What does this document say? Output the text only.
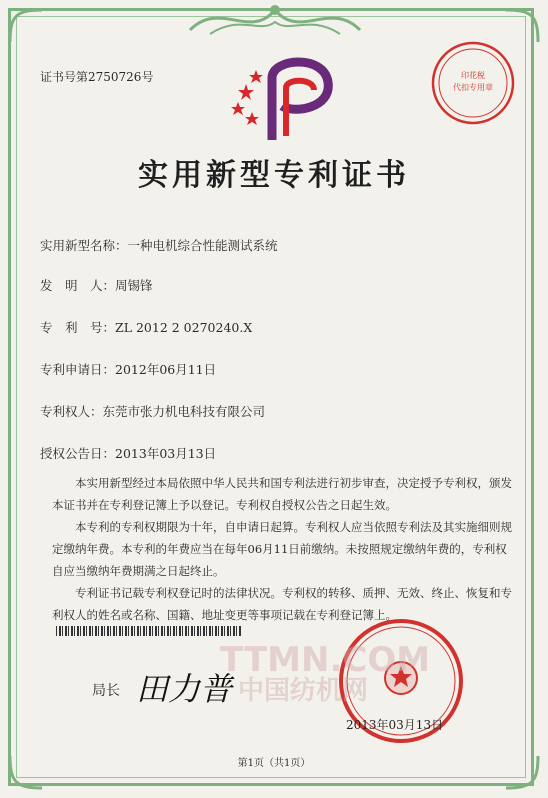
印花税
代扣专用章
证书号第2750726号
实用新型专利证书
实用新型名称：一种电机综合性能测试系统
发　明　人：周锡锋
专　利　号：ZL 2012 2 0270240.X
专利申请日：2012年06月11日
专利权人：东莞市张力机电科技有限公司
授权公告日：2013年03月13日

本实用新型经过本局依照中华人民共和国专利法进行初步审查，决定授予专利权，颁发本证书并在专利登记簿上予以登记。专利权自授权公告之日起生效。

本专利的专利权期限为十年，自申请日起算。专利权人应当依照专利法及其实施细则规定缴纳年费。本专利的年费应当在每年06月11日前缴纳。未按照规定缴纳年费的，专利权自应当缴纳年费期满之日起终止。

专利证书记载专利权登记时的法律状况。专利权的转移、质押、无效、终止、恢复和专利权人的姓名或名称、国籍、地址变更等事项记载在专利登记簿上。

TTMN.COM
中国纺机网
局长 田力普
2013年03月13日
第1页（共1页）
